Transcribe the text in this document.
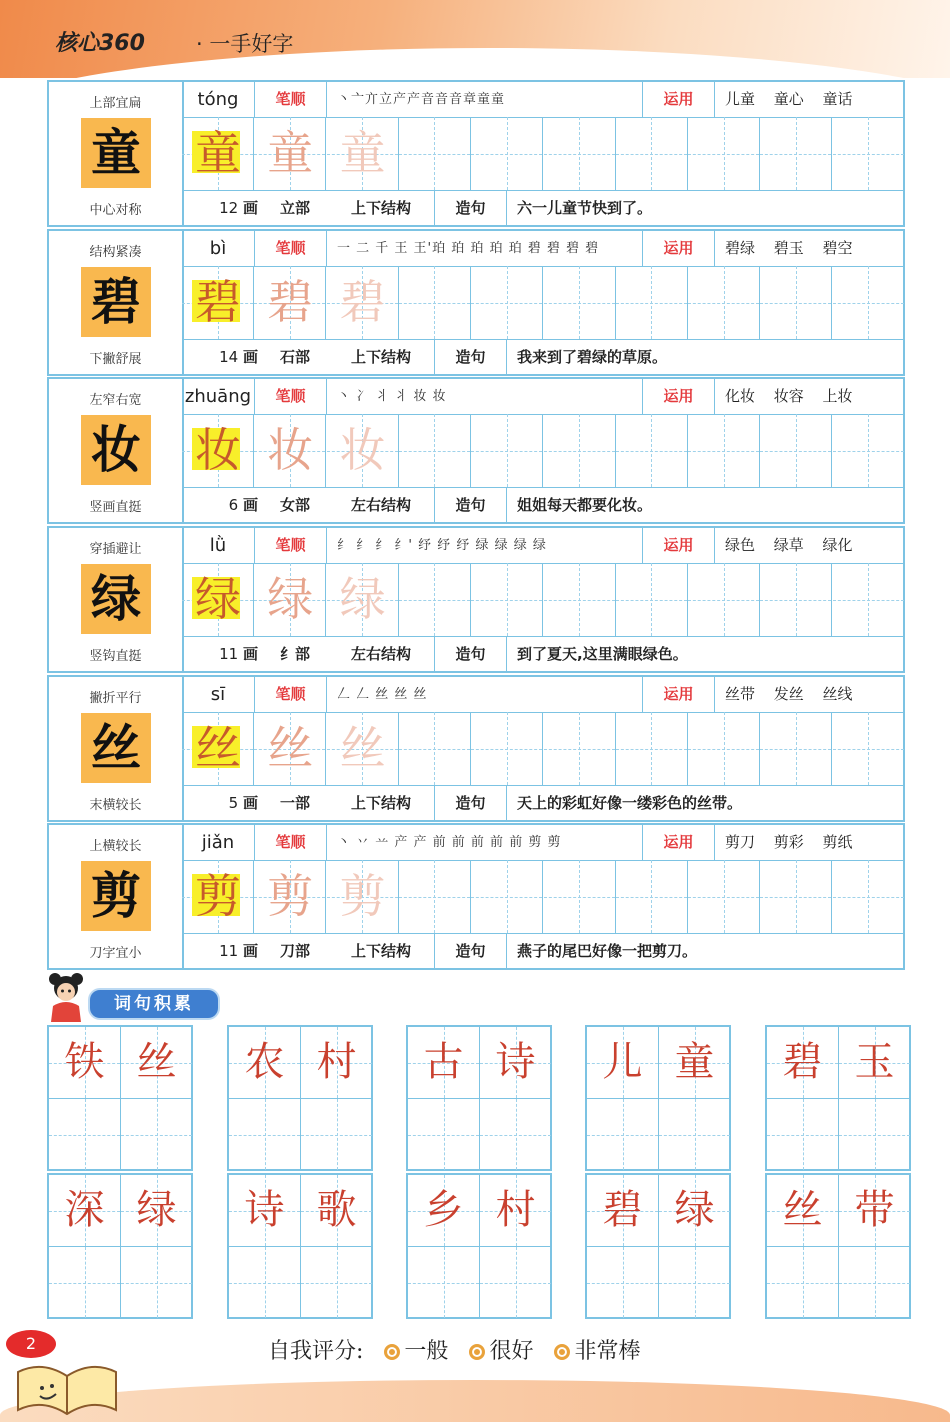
核心360 · 一手好字
上部宜扁
童
中心对称
tóng	笔顺	丶亠亣立产产音音音章童童	运用	儿童 童心 童话
童 童 童
12 画	立部	上下结构	造句	六一儿童节快到了。
结构紧凑
碧
下撇舒展
bì	笔顺	一 二 千 王 王'珀 珀 珀 珀 珀 碧 碧 碧 碧	运用	碧绿 碧玉 碧空
碧 碧 碧
14 画	石部	上下结构	造句	我来到了碧绿的草原。
左窄右宽
妆
竖画直挺
zhuāng	笔顺	丶 冫 丬 丬 妆 妆	运用	化妆 妆容 上妆
妆 妆 妆
6 画	女部	左右结构	造句	姐姐每天都要化妆。
穿插避让
绿
竖钩直挺
lǜ	笔顺	纟 纟 纟 纟' 纾 纾 纾 绿 绿 绿 绿	运用	绿色 绿草 绿化
绿 绿 绿
11 画	纟部	左右结构	造句	到了夏天,这里满眼绿色。
撇折平行
丝
末横较长
sī	笔顺	𠃋 𠃋 丝 丝 丝	运用	丝带 发丝 丝线
丝 丝 丝
5 画	一部	上下结构	造句	天上的彩虹好像一缕彩色的丝带。
上横较长
剪
刀字宜小
jiǎn	笔顺	丶 丷 䒑 产 产 前 前 前 前 前 剪 剪	运用	剪刀 剪彩 剪纸
剪 剪 剪
11 画	刀部	上下结构	造句	燕子的尾巴好像一把剪刀。
词句积累
铁 丝	农 村	古 诗	儿 童	碧 玉
深 绿	诗 歌	乡 村	碧 绿	丝 带
自我评分: 一般 很好 非常棒
2
